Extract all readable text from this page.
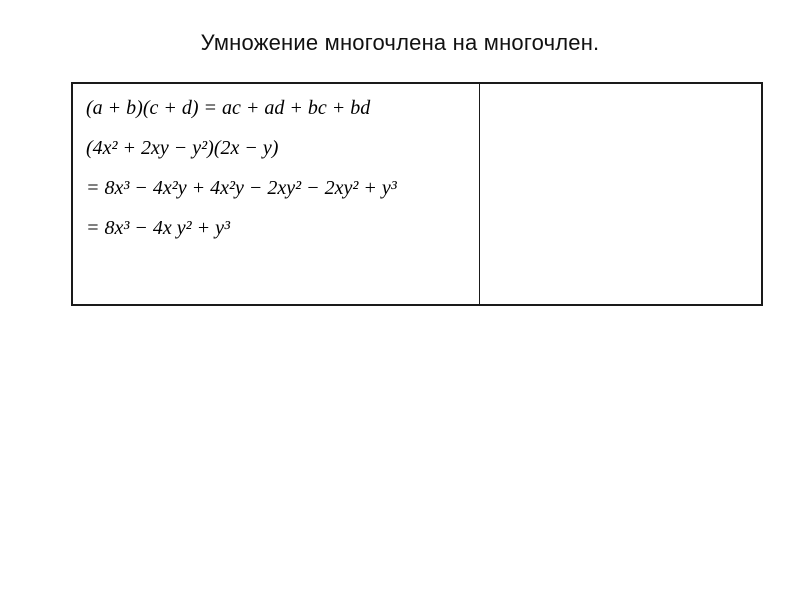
Умножение многочлена на многочлен.
(a + b)(c + d) = ac + ad + bc + bd
(4x² + 2xy − y²)(2x − y)
= 8x³ − 4x²y + 4x²y − 2xy² − 2xy² + y³
= 8x³ − 4x y² + y³
